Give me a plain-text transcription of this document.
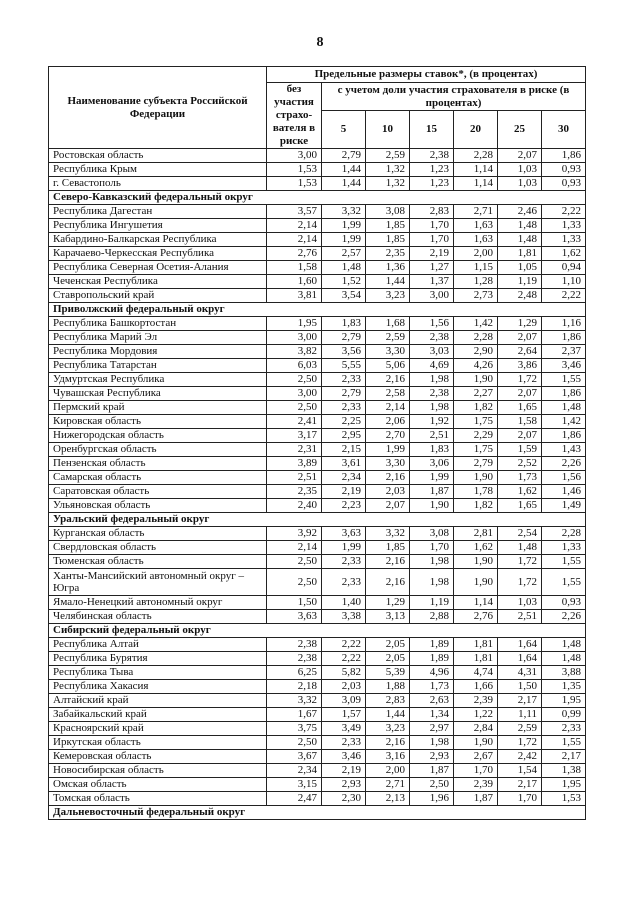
8
Наименование субъекта Российской Федерации	Предельные размеры ставок*, (в процентах)						
	без участия страхо-вателя в риске	с учетом доли участия страхователя в риске (в процентах)					
		5	10	15	20	25	30
Ростовская область	3,00	2,79	2,59	2,38	2,28	2,07	1,86
Республика Крым	1,53	1,44	1,32	1,23	1,14	1,03	0,93
г. Севастополь	1,53	1,44	1,32	1,23	1,14	1,03	0,93
Северо-Кавказский федеральный округ							
Республика Дагестан	3,57	3,32	3,08	2,83	2,71	2,46	2,22
Республика Ингушетия	2,14	1,99	1,85	1,70	1,63	1,48	1,33
Кабардино-Балкарская Республика	2,14	1,99	1,85	1,70	1,63	1,48	1,33
Карачаево-Черкесская Республика	2,76	2,57	2,35	2,19	2,00	1,81	1,62
Республика Северная Осетия-Алания	1,58	1,48	1,36	1,27	1,15	1,05	0,94
Чеченская Республика	1,60	1,52	1,44	1,37	1,28	1,19	1,10
Ставропольский край	3,81	3,54	3,23	3,00	2,73	2,48	2,22
Приволжский федеральный округ							
Республика Башкортостан	1,95	1,83	1,68	1,56	1,42	1,29	1,16
Республика Марий Эл	3,00	2,79	2,59	2,38	2,28	2,07	1,86
Республика Мордовия	3,82	3,56	3,30	3,03	2,90	2,64	2,37
Республика Татарстан	6,03	5,55	5,06	4,69	4,26	3,86	3,46
Удмуртская Республика	2,50	2,33	2,16	1,98	1,90	1,72	1,55
Чувашская Республика	3,00	2,79	2,58	2,38	2,27	2,07	1,86
Пермский край	2,50	2,33	2,14	1,98	1,82	1,65	1,48
Кировская область	2,41	2,25	2,06	1,92	1,75	1,58	1,42
Нижегородская область	3,17	2,95	2,70	2,51	2,29	2,07	1,86
Оренбургская область	2,31	2,15	1,99	1,83	1,75	1,59	1,43
Пензенская область	3,89	3,61	3,30	3,06	2,79	2,52	2,26
Самарская область	2,51	2,34	2,16	1,99	1,90	1,73	1,56
Саратовская область	2,35	2,19	2,03	1,87	1,78	1,62	1,46
Ульяновская область	2,40	2,23	2,07	1,90	1,82	1,65	1,49
Уральский федеральный округ							
Курганская область	3,92	3,63	3,32	3,08	2,81	2,54	2,28
Свердловская область	2,14	1,99	1,85	1,70	1,62	1,48	1,33
Тюменская область	2,50	2,33	2,16	1,98	1,90	1,72	1,55
Ханты-Мансийский автономный округ – Югра	2,50	2,33	2,16	1,98	1,90	1,72	1,55
Ямало-Ненецкий автономный округ	1,50	1,40	1,29	1,19	1,14	1,03	0,93
Челябинская область	3,63	3,38	3,13	2,88	2,76	2,51	2,26
Сибирский федеральный округ							
Республика Алтай	2,38	2,22	2,05	1,89	1,81	1,64	1,48
Республика Бурятия	2,38	2,22	2,05	1,89	1,81	1,64	1,48
Республика Тыва	6,25	5,82	5,39	4,96	4,74	4,31	3,88
Республика Хакасия	2,18	2,03	1,88	1,73	1,66	1,50	1,35
Алтайский край	3,32	3,09	2,83	2,63	2,39	2,17	1,95
Забайкальский край	1,67	1,57	1,44	1,34	1,22	1,11	0,99
Красноярский край	3,75	3,49	3,23	2,97	2,84	2,59	2,33
Иркутская область	2,50	2,33	2,16	1,98	1,90	1,72	1,55
Кемеровская область	3,67	3,46	3,16	2,93	2,67	2,42	2,17
Новосибирская область	2,34	2,19	2,00	1,87	1,70	1,54	1,38
Омская область	3,15	2,93	2,71	2,50	2,39	2,17	1,95
Томская область	2,47	2,30	2,13	1,96	1,87	1,70	1,53
Дальневосточный федеральный округ							
